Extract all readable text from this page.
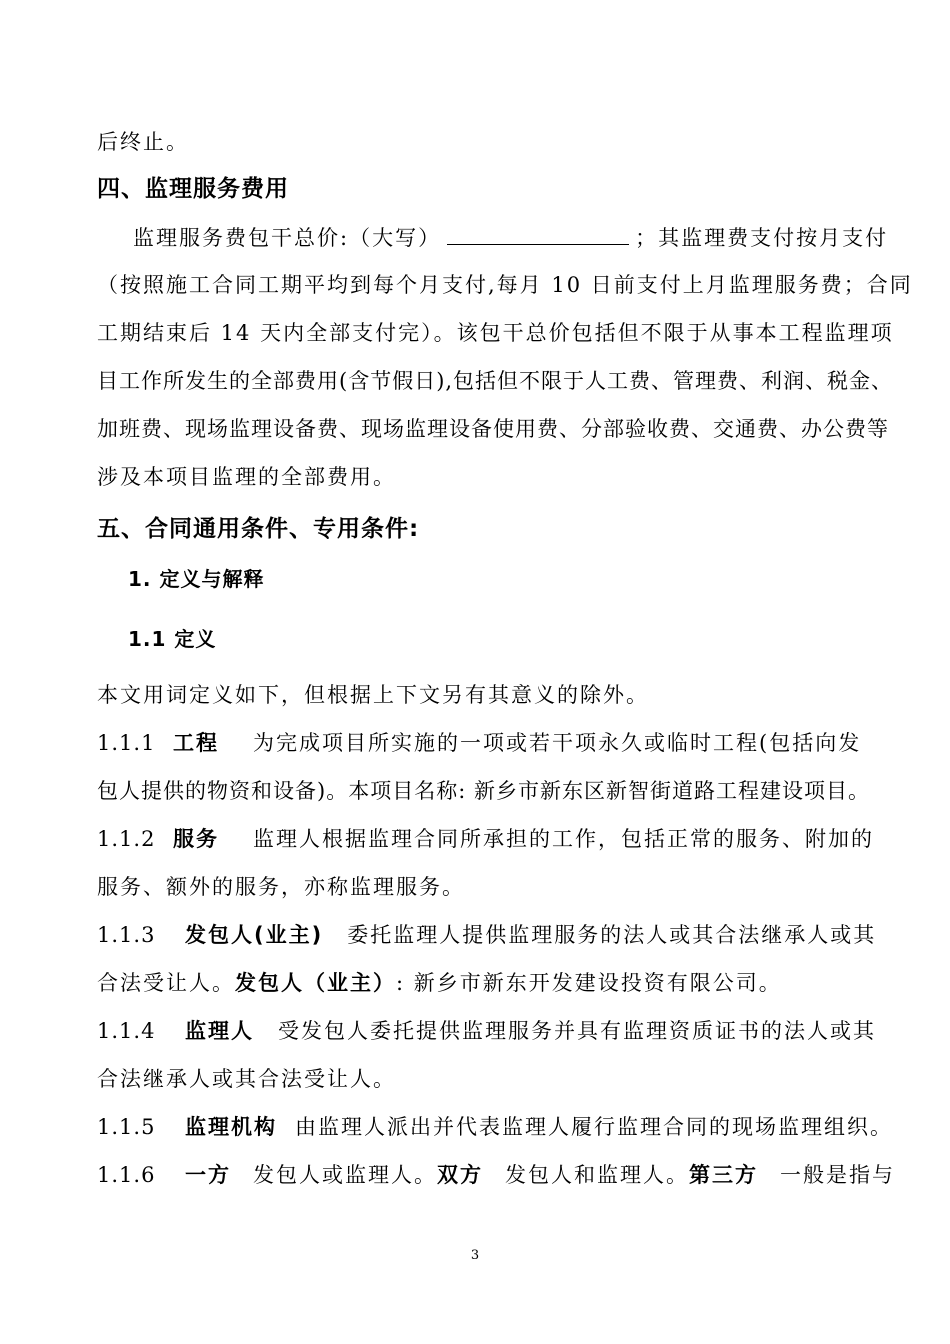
后终止。
四、监理服务费用
监理服务费包干总价:（大写）	；其监理费支付按月支付
（按照施工合同工期平均到每个月支付,每月 10 日前支付上月监理服务费；合同
工期结束后 14 天内全部支付完）。该包干总价包括但不限于从事本工程监理项
目工作所发生的全部费用(含节假日),包括但不限于人工费、管理费、利润、税金、
加班费、现场监理设备费、现场监理设备使用费、分部验收费、交通费、办公费等
涉及本项目监理的全部费用。
五、合同通用条件、专用条件:
1. 定义与解释
1.1 定义
本文用词定义如下，但根据上下文另有其意义的除外。
1.1.1 工程 为完成项目所实施的一项或若干项永久或临时工程(包括向发
包人提供的物资和设备)。本项目名称: 新乡市新东区新智街道路工程建设项目。
1.1.2 服务 监理人根据监理合同所承担的工作，包括正常的服务、附加的
服务、额外的服务，亦称监理服务。
1.1.3 发包人(业主) 委托监理人提供监理服务的法人或其合法继承人或其
合法受让人。发包人（业主）: 新乡市新东开发建设投资有限公司。
1.1.4 监理人 受发包人委托提供监理服务并具有监理资质证书的法人或其
合法继承人或其合法受让人。
1.1.5 监理机构 由监理人派出并代表监理人履行监理合同的现场监理组织。
1.1.6 一方 发包人或监理人。双方 发包人和监理人。第三方 一般是指与
3
